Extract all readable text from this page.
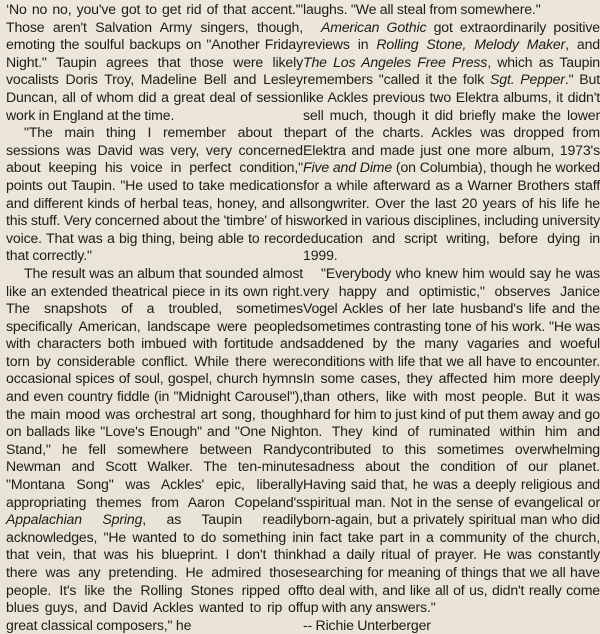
‘No no no, you've got to get rid of that accent.'" Those aren't Salvation Army singers, though, emoting the soulful backups on "Another Friday Night." Taupin agrees that those were likely vocalists Doris Troy, Madeline Bell and Lesley Duncan, all of whom did a great deal of session work in England at the time.

"The main thing I remember about the sessions was David was very, very concerned about keeping his voice in perfect condition," points out Taupin. "He used to take medications and different kinds of herbal teas, honey, and all this stuff. Very concerned about the 'timbre' of his voice. That was a big thing, being able to record that correctly."

The result was an album that sounded almost like an extended theatrical piece in its own right. The snapshots of a troubled, sometimes specifically American, landscape were peopled with characters both imbued with fortitude and torn by considerable conflict. While there were occasional spices of soul, gospel, church hymns and even country fiddle (in "Midnight Carousel"), the main mood was orchestral art song, though on ballads like "Love's Enough" and "One Night Stand," he fell somewhere between Randy Newman and Scott Walker. The ten-minute "Montana Song" was Ackles' epic, liberally appropriating themes from Aaron Copeland's Appalachian Spring, as Taupin readily acknowledges, "He wanted to do something in that vein, that was his blueprint. I don't think there was any pretending. He admired those people. It's like the Rolling Stones ripped off blues guys, and David Ackles wanted to rip off great classical composers," he

laughs. "We all steal from somewhere."

American Gothic got extraordinarily positive reviews in Rolling Stone, Melody Maker, and The Los Angeles Free Press, which as Taupin remembers "called it the folk Sgt. Pepper." But like Ackles previous two Elektra albums, it didn't sell much, though it did briefly make the lower part of the charts. Ackles was dropped from Elektra and made just one more album, 1973's Five and Dime (on Columbia), though he worked for a while afterward as a Warner Brothers staff songwriter. Over the last 20 years of his life he worked in various disciplines, including university education and script writing, before dying in 1999.

"Everybody who knew him would say he was very happy and optimistic," observes Janice Vogel Ackles of her late husband's life and the sometimes contrasting tone of his work. "He was saddened by the many vagaries and woeful conditions with life that we all have to encounter. In some cases, they affected him more deeply than others, like with most people. But it was hard for him to just kind of put them away and go on. They kind of ruminated within him and contributed to this sometimes overwhelming sadness about the condition of our planet. Having said that, he was a deeply religious and spiritual man. Not in the sense of evangelical or born-again, but a privately spiritual man who did in fact take part in a community of the church, had a daily ritual of prayer. He was constantly searching for meaning of things that we all have to deal with, and like all of us, didn't really come up with any answers."

-- Richie Unterberger
